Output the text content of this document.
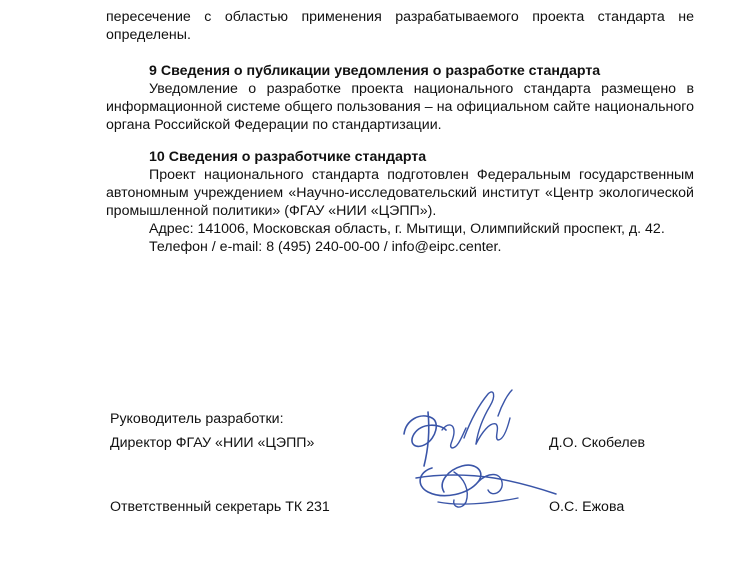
пересечение с областью применения разрабатываемого проекта стандарта не
определены.
9 Сведения о публикации уведомления о разработке стандарта
Уведомление о разработке проекта национального стандарта размещено в информационной системе общего пользования – на официальном сайте национального органа Российской Федерации по стандартизации.
10 Сведения о разработчике стандарта
Проект национального стандарта подготовлен Федеральным государственным автономным учреждением «Научно-исследовательский институт «Центр экологической промышленной политики» (ФГАУ «НИИ «ЦЭПП»).
Адрес: 141006, Московская область, г. Мытищи, Олимпийский проспект, д. 42.
Телефон / e-mail: 8 (495) 240-00-00 / info@eipc.center.
Руководитель разработки:
Директор ФГАУ «НИИ «ЦЭПП»	Д.О. Скобелев
Ответственный секретарь ТК 231	О.С. Ежова
